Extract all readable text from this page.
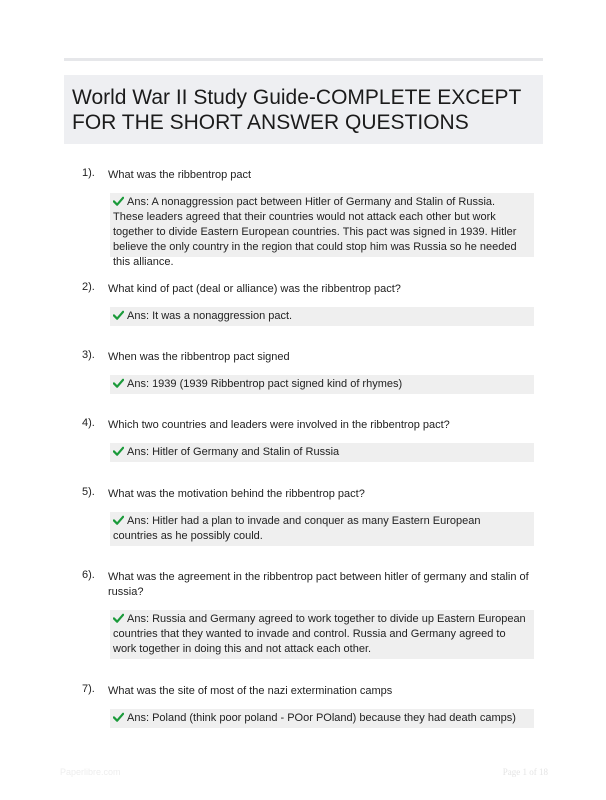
World War II Study Guide-COMPLETE EXCEPT FOR THE SHORT ANSWER QUESTIONS
1). What was the ribbentrop pact
Ans: A nonaggression pact between Hitler of Germany and Stalin of Russia. These leaders agreed that their countries would not attack each other but work together to divide Eastern European countries. This pact was signed in 1939. Hitler believe the only country in the region that could stop him was Russia so he needed this alliance.
2). What kind of pact (deal or alliance) was the ribbentrop pact?
Ans: It was a nonaggression pact.
3). When was the ribbentrop pact signed
Ans: 1939 (1939 Ribbentrop pact signed kind of rhymes)
4). Which two countries and leaders were involved in the ribbentrop pact?
Ans: Hitler of Germany and Stalin of Russia
5). What was the motivation behind the ribbentrop pact?
Ans: Hitler had a plan to invade and conquer as many Eastern European countries as he possibly could.
6). What was the agreement in the ribbentrop pact between hitler of germany and stalin of russia?
Ans: Russia and Germany agreed to work together to divide up Eastern European countries that they wanted to invade and control. Russia and Germany agreed to work together in doing this and not attack each other.
7). What was the site of most of the nazi extermination camps
Ans: Poland (think poor poland - POor POland) because they had death camps)
Paperlibre.com	Page 1 of 18
